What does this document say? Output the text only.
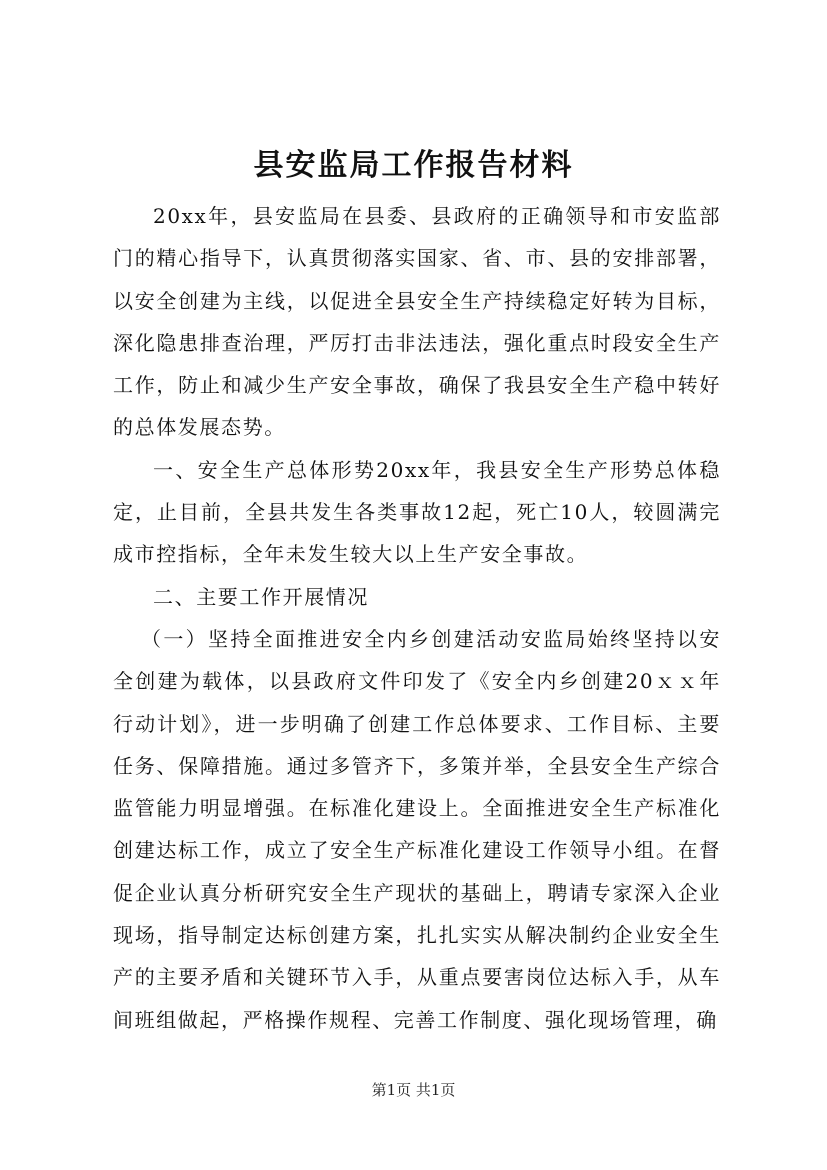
县安监局工作报告材料

20xx年，县安监局在县委、县政府的正确领导和市安监部门的精心指导下，认真贯彻落实国家、省、市、县的安排部署，以安全创建为主线，以促进全县安全生产持续稳定好转为目标，深化隐患排查治理，严厉打击非法违法，强化重点时段安全生产工作，防止和减少生产安全事故，确保了我县安全生产稳中转好的总体发展态势。

一、安全生产总体形势20xx年，我县安全生产形势总体稳定，止目前，全县共发生各类事故12起，死亡10人，较圆满完成市控指标，全年未发生较大以上生产安全事故。

二、主要工作开展情况

（一）坚持全面推进安全内乡创建活动安监局始终坚持以安全创建为载体，以县政府文件印发了《安全内乡创建20ｘｘ年行动计划》，进一步明确了创建工作总体要求、工作目标、主要任务、保障措施。通过多管齐下，多策并举，全县安全生产综合监管能力明显增强。在标准化建设上。全面推进安全生产标准化创建达标工作，成立了安全生产标准化建设工作领导小组。在督促企业认真分析研究安全生产现状的基础上，聘请专家深入企业现场，指导制定达标创建方案，扎扎实实从解决制约企业安全生产的主要矛盾和关键环节入手，从重点要害岗位达标入手，从车间班组做起，严格操作规程、完善工作制度、强化现场管理，确

第1页 共1页
